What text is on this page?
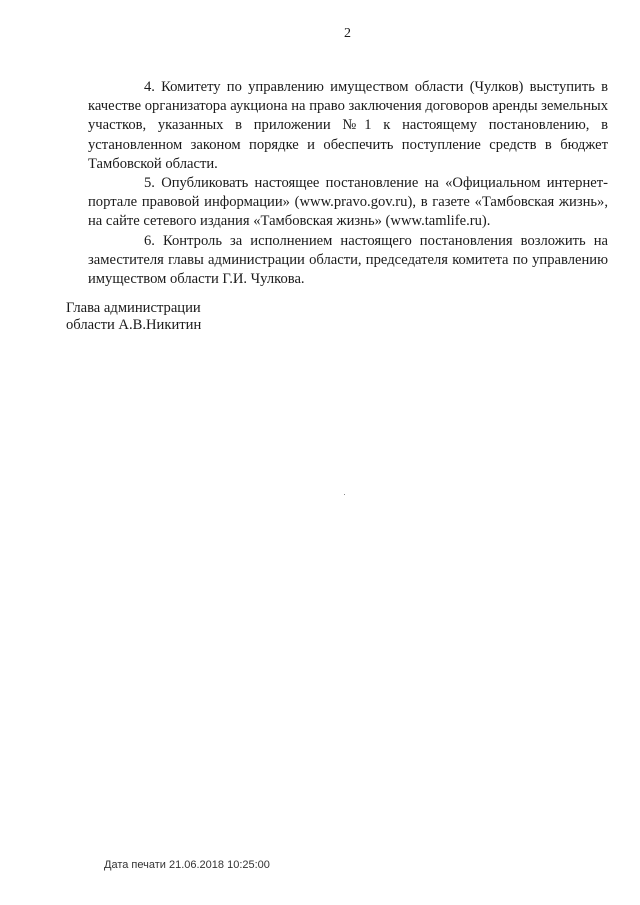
2

4. Комитету по управлению имуществом области (Чулков) выступить в качестве организатора аукциона на право заключения договоров аренды земельных участков, указанных в приложении №1 к настоящему постановлению, в установленном законом порядке и обеспечить поступление средств в бюджет Тамбовской области.

5. Опубликовать настоящее постановление на «Официальном интернет-портале правовой информации» (www.pravo.gov.ru), в газете «Тамбовская жизнь», на сайте сетевого издания «Тамбовская жизнь» (www.tamlife.ru).

6. Контроль за исполнением настоящего постановления возложить на заместителя главы администрации области, председателя комитета по управлению имуществом области Г.И. Чулкова.

Глава администрации
области А.В.Никитин
Дата печати 21.06.2018 10:25:00
